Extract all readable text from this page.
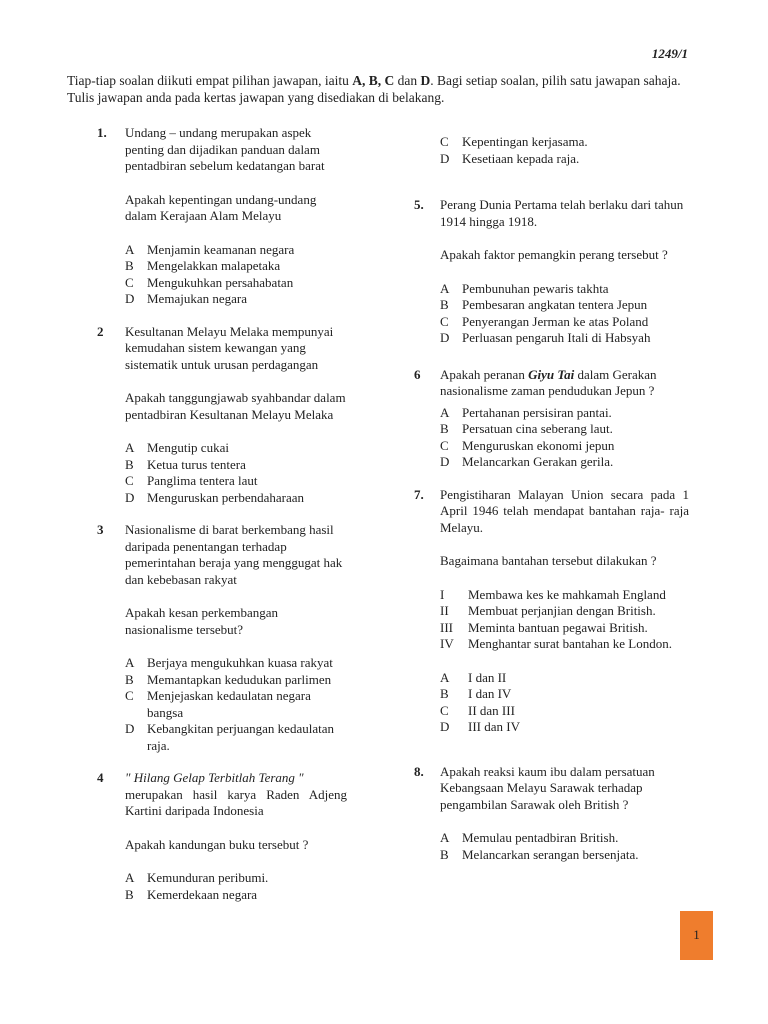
1249/1
Tiap-tiap soalan diikuti empat pilihan jawapan, iaitu A, B, C dan D. Bagi setiap soalan, pilih satu jawapan sahaja. Tulis jawapan anda pada kertas jawapan yang disediakan di belakang.
1. Undang – undang merupakan aspek penting dan dijadikan panduan dalam pentadbiran sebelum kedatangan barat
Apakah kepentingan undang-undang dalam Kerajaan Alam Melayu
A Menjamin keamanan negara
B	Mengelakkan malapetaka
C	Mengukuhkan persahabatan
D Memajukan negara
2 Kesultanan Melayu Melaka mempunyai kemudahan sistem kewangan yang sistematik untuk urusan perdagangan
Apakah tanggungjawab syahbandar dalam pentadbiran Kesultanan Melayu Melaka
A Mengutip cukai
B	Ketua turus tentera
C	Panglima tentera laut
D Menguruskan perbendaharaan
3 Nasionalisme di barat berkembang hasil daripada penentangan terhadap pemerintahan beraja yang menggugat hak dan kebebasan rakyat
Apakah kesan perkembangan nasionalisme tersebut?
A Berjaya mengukuhkan kuasa rakyat
B	Memantapkan kedudukan parlimen
C	Menjejaskan kedaulatan negara bangsa
D Kebangkitan perjuangan kedaulatan raja.
4 " Hilang Gelap Terbitlah Terang "
merupakan hasil karya Raden Adjeng Kartini daripada Indonesia
Apakah kandungan buku tersebut ?
A Kemunduran peribumi.
B	Kemerdekaan negara
C	Kepentingan kerjasama.
D Kesetiaan kepada raja.
5. Perang Dunia Pertama telah berlaku dari tahun 1914 hingga 1918.
Apakah faktor pemangkin perang tersebut ?
A Pembunuhan pewaris takhta
B	Pembesaran angkatan tentera Jepun
C	Penyerangan Jerman ke atas Poland
D Perluasan pengaruh Itali di Habsyah
6 Apakah peranan Giyu Tai dalam Gerakan nasionalisme zaman pendudukan Jepun ?
A Pertahanan persisiran pantai.
B	Persatuan cina seberang laut.
C	Menguruskan ekonomi jepun
D Melancarkan Gerakan gerila.
7. Pengistiharan Malayan Union secara pada 1 April 1946 telah mendapat bantahan raja- raja Melayu.
Bagaimana bantahan tersebut dilakukan ?
I	Membawa kes ke mahkamah England
II	Membuat perjanjian dengan British.
III	Meminta bantuan pegawai British.
IV	Menghantar surat bantahan ke London.
A	I dan II
B	I dan IV
C	II dan III
D	III dan IV
8. Apakah reaksi kaum ibu dalam persatuan Kebangsaan Melayu Sarawak terhadap pengambilan Sarawak oleh British ?
A Memulau pentadbiran British.
B	Melancarkan serangan bersenjata.
1
